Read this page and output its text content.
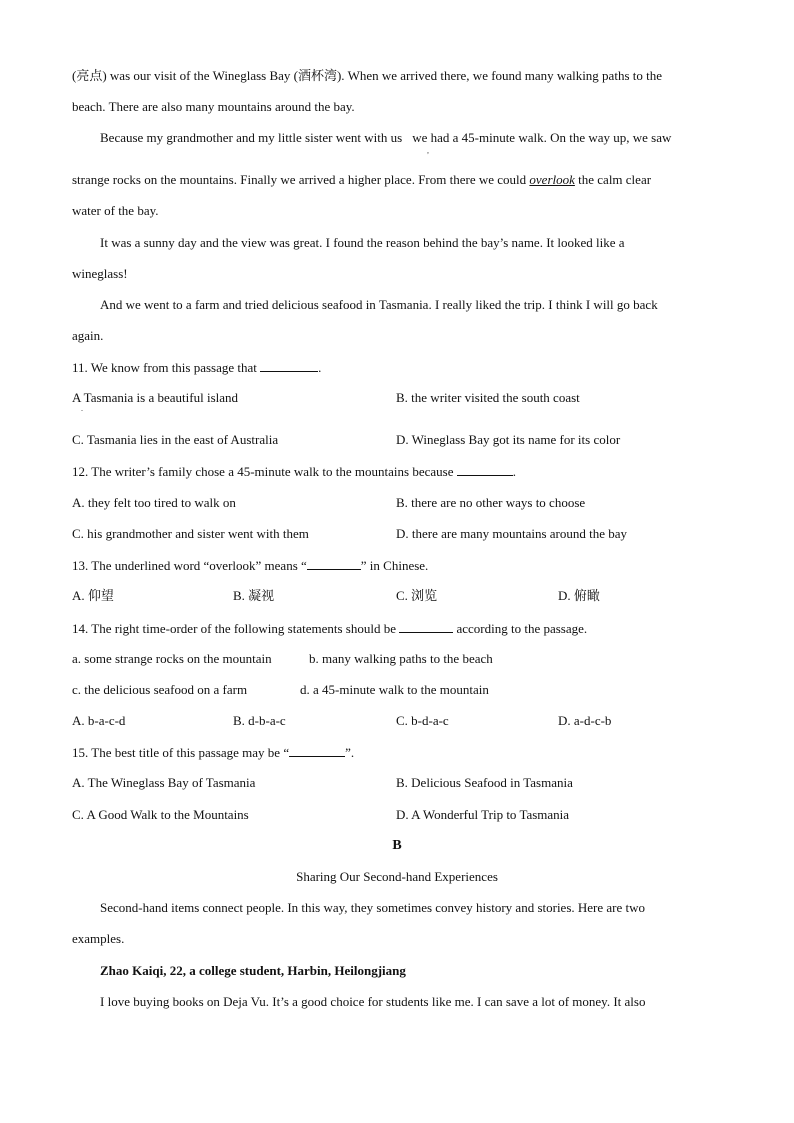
(亮点) was our visit of the Wineglass Bay (酒杯湾). When we arrived there, we found many walking paths to the
beach. There are also many mountains around the bay.
Because my grandmother and my little sister went with us we had a 45-minute walk. On the way up, we saw
,
strange rocks on the mountains. Finally we arrived a higher place. From there we could overlook the calm clear
water of the bay.
It was a sunny day and the view was great. I found the reason behind the bay’s name. It looked like a
wineglass!
And we went to a farm and tried delicious seafood in Tasmania. I really liked the trip. I think I will go back
again.
11. We know from this passage that	.
A Tasmania is a beautiful island
.
B. the writer visited the south coast
C. Tasmania lies in the east of Australia	D. Wineglass Bay got its name for its color
12. The writer’s family chose a 45-minute walk to the mountains because	.
A. they felt too tired to walk on	B. there are no other ways to choose
C. his grandmother and sister went with them	D. there are many mountains around the bay
13. The underlined word “overlook” means “	” in Chinese.
A. 仰望	B. 凝视	C. 浏览	D. 俯瞰
14. The right time-order of the following statements should be	according to the passage.
a. some strange rocks on the mountain	b. many walking paths to the beach
c. the delicious seafood on a farm	d. a 45-minute walk to the mountain
A. b-a-c-d	B. d-b-a-c	C. b-d-a-c	D. a-d-c-b
15. The best title of this passage may be “	”.
A. The Wineglass Bay of Tasmania	B. Delicious Seafood in Tasmania
C. A Good Walk to the Mountains	D. A Wonderful Trip to Tasmania
B
Sharing Our Second-hand Experiences
Second-hand items connect people. In this way, they sometimes convey history and stories. Here are two
examples.
Zhao Kaiqi, 22, a college student, Harbin, Heilongjiang
I love buying books on Deja Vu. It’s a good choice for students like me. I can save a lot of money. It also
